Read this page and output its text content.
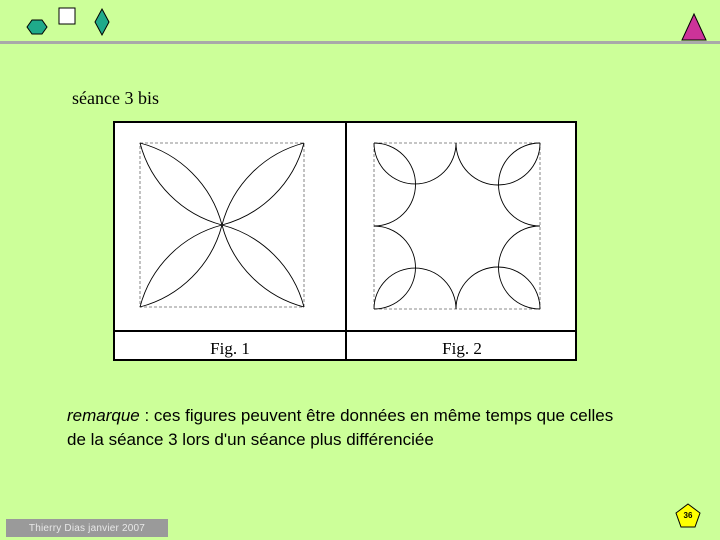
séance 3 bis
Fig. 1	Fig. 2
remarque : ces figures peuvent être données en même temps que celles
de la séance 3 lors d'un séance plus différenciée
Thierry Dias janvier 2007
36
